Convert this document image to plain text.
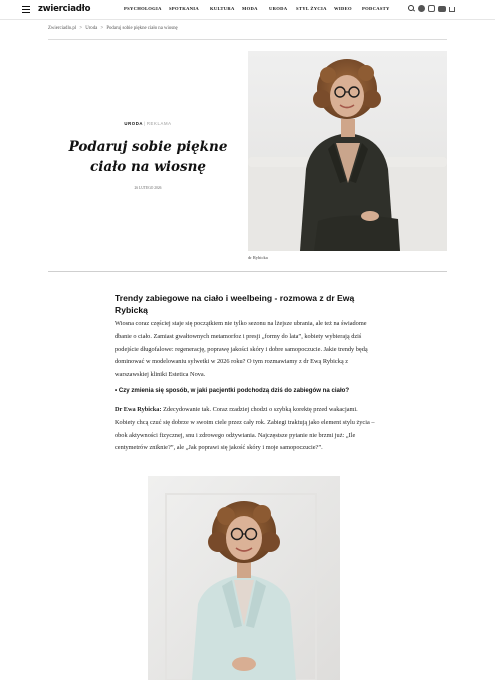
zwierciadło	PSYCHOLOGIA	SPOTKANIA	KULTURA	MODA	URODA	STYL ŻYCIA	WIDEO	PODCASTY
Zwierciadlo.pl > Uroda > Podaruj sobie piękne ciało na wiosnę
URODA|REKLAMA
Podaruj sobie piękne
ciało na wiosnę
26 LUTEGO 2026
dr Rybicka
Trendy zabiegowe na ciało i weelbeing - rozmowa z dr Ewą Rybicką

Wiosna coraz częściej staje się początkiem nie tylko sezonu na lżejsze ubrania, ale też na świadome dbanie o ciało. Zamiast gwałtownych metamorfoz i presji „formy do lata”, kobiety wybierają dziś podejście długofalowe: regenerację, poprawę jakości skóry i dobre samopoczucie. Jakie trendy będą dominować w modelowaniu sylwetki w 2026 roku? O tym rozmawiamy z dr Ewą Rybicką z warszawskiej kliniki Estetica Nova.

• Czy zmienia się sposób, w jaki pacjentki podchodzą dziś do zabiegów na ciało?

Dr Ewa Rybicka: Zdecydowanie tak. Coraz rzadziej chodzi o szybką korektę przed wakacjami. Kobiety chcą czuć się dobrze w swoim ciele przez cały rok. Zabiegi traktują jako element stylu życia – obok aktywności fizycznej, snu i zdrowego odżywiania. Najczęstsze pytanie nie brzmi już: „Ile centymetrów zniknie?”, ale „Jak poprawi się jakość skóry i moje samopoczucie?”.
